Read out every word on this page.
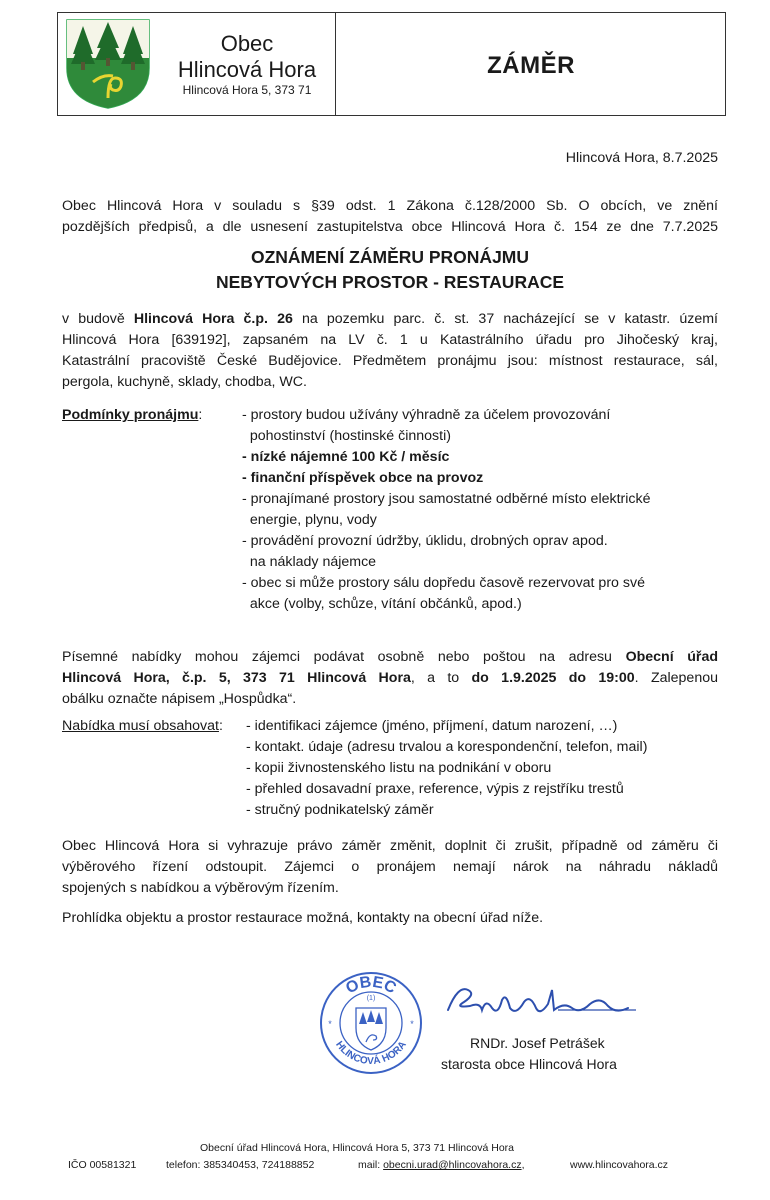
Obec
Hlincová Hora
Hlincová Hora 5, 373 71
ZÁMĚR
Hlincová Hora, 8.7.2025
Obec Hlincová Hora v souladu s §39 odst. 1 Zákona č.128/2000 Sb. O obcích, ve znění
pozdějších předpisů, a dle usnesení zastupitelstva obce Hlincová Hora č. 154 ze dne 7.7.2025
OZNÁMENÍ ZÁMĚRU PRONÁJMU
NEBYTOVÝCH PROSTOR - RESTAURACE
v budově Hlincová Hora č.p. 26 na pozemku parc. č. st. 37 nacházející se v katastr. území
Hlincová Hora [639192], zapsaném na LV č. 1 u Katastrálního úřadu pro Jihočeský kraj,
Katastrální pracoviště České Budějovice. Předmětem pronájmu jsou: místnost restaurace, sál,
pergola, kuchyně, sklady, chodba, WC.
Podmínky pronájmu:	- prostory budou užívány výhradně za účelem provozování
pohostinství (hostinské činnosti)
- nízké nájemné 100 Kč / měsíc
- finanční příspěvek obce na provoz
- pronajímané prostory jsou samostatné odběrné místo elektrické
energie, plynu, vody
- provádění provozní údržby, úklidu, drobných oprav apod.
na náklady nájemce
- obec si může prostory sálu dopředu časově rezervovat pro své
akce (volby, schůze, vítání občánků, apod.)
Písemné nabídky mohou zájemci podávat osobně nebo poštou na adresu Obecní úřad
Hlincová Hora, č.p. 5, 373 71 Hlincová Hora, a to do 1.9.2025 do 19:00. Zalepenou
obálku označte nápisem „Hospůdka“.
Nabídka musí obsahovat: - identifikaci zájemce (jméno, příjmení, datum narození, …)
- kontakt. údaje (adresu trvalou a korespondenční, telefon, mail)
- kopii živnostenského listu na podnikání v oboru
- přehled dosavadní praxe, reference, výpis z rejstříku trestů
- stručný podnikatelský záměr
Obec Hlincová Hora si vyhrazuje právo záměr změnit, doplnit či zrušit, případně od záměru či
výběrového řízení odstoupit. Zájemci o pronájem nemají nárok na náhradu nákladů
spojených s nabídkou a výběrovým řízením.
Prohlídka objektu a prostor restaurace možná, kontakty na obecní úřad níže.
OBEC
HLINCOVÁ HORA
(1)
*	*
RNDr. Josef Petrášek
starosta obce Hlincová Hora
Obecní úřad Hlincová Hora, Hlincová Hora 5, 373 71 Hlincová Hora
IČO 00581321	telefon: 385340453, 724188852	mail: obecni.urad@hlincovahora.cz,	www.hlincovahora.cz
